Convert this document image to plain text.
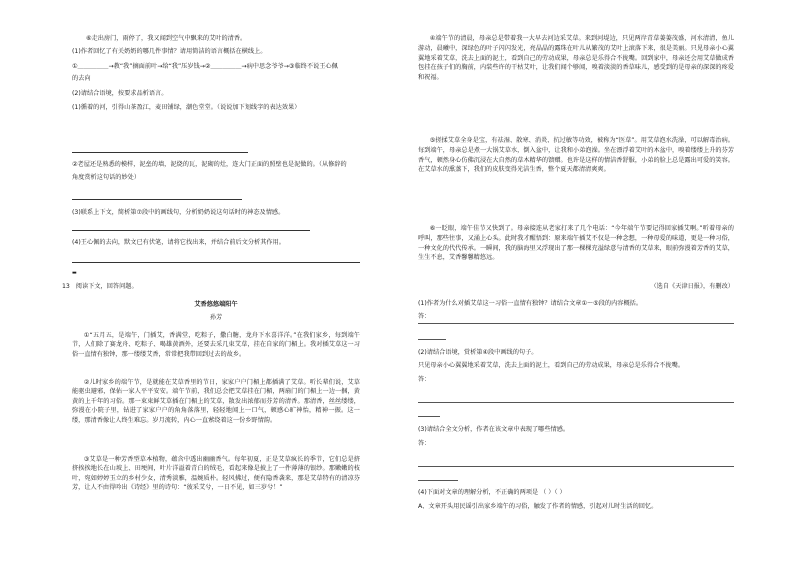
⑥走出房门，雨停了，我又闻到空气中飘来的艾叶的清香。
(1)作者回忆了有关奶奶的哪几件事情？请用简洁的语言概括在横线上。
①＿＿＿＿＿→教“我”摘面前叶→给“我”压岁钱→②＿＿＿＿＿→病中思念爷爷→③临终不说王心佩
的去向
(2)请结合语境，按要求品析语言。
(1)循着的河，引得山茶盈江，麦田铺绿，潮色堂堂。（说说加下划线字的表达效果）
②老屋还是熟悉的模样，泥垒的墙，泥烧的瓦，泥砌的灶，连大门正面的照壁也是泥做的。（从修辞的
角度赏析这句话的妙处）
(3)联系上下文，简析第⑦段中的画线句，分析奶奶说这句话时的神态及情感。
(4)王心佩的去向，默文已有伏笔，请将它找出来，并结合前后文分析其作用。
▬
13 阅读下文，回答问题。
艾香悠悠端阳午
孙芳
①“五月五，是端午，门插艾，香满堂，吃粽子，撒白糖，龙舟下水喜洋洋。”在我们家乡，每到端午节，人们除了赛龙舟、吃粽子、喝雄黄酒外，还要去采几束艾草，挂在自家的门楣上。我对插艾草这一习俗一直情有独钟，那一缕缕艾香，常常把我带回到过去的故乡。
②儿时家乡的端午节，是就能在艾草香里的节日，家家户户门楣上都插满了艾草。听长辈们说，艾草能驱虫避邪，保佑一家人平平安安。端午节前，我们总会把艾草挂在门楣，两扇门的门楣上一边一捆，黄黄的上千年的习俗。那一束束鲜艾草插在门楣上的艾草，散发出浓郁而芬芳的清香。那清香，丝丝缕缕，弥漫在小院子里，钻进了家家户户的角角落落里，轻轻地闻上一口气，顿感心旷神怡，精神一振。这一缕，那清香像让人终生难忘。岁月流转，内心一直萦绕着这一份乡野情韵。
③艾草是一种芳香型草本植物，蕴含中透出幽幽香气。每年初夏，正是艾草疯长的季节，它们总是挤挤挨挨地长在山坡上、田埂间，叶片洋溢着青白的绒毛，看起来像是披上了一件薄薄的银纱。那嫩嫩的枝叶，宛如婷婷玉立的乡村少女，清秀淡雅，温婉质朴。轻风拂过，便有隐香袭来，那是艾草特有的清凉芬芳，让人不由得吟出《诗经》里的诗句：“彼采艾兮，一日不见，如三岁兮！”
④端午节的清晨，母亲总是带着我一大早去河边采艾草。来到河堤边，只见两岸青草萋萋茂盛，河水清清，鱼儿游动，晨曦中，深绿色的叶子闪闪发光，亮晶晶的露珠在叶儿从繁茂的艾叶上滚落下来，很是美丽。只见母亲小心翼翼地采着艾草，洗去上面的泥土，看到自己的劳动成果，母亲总是乐得合不拢嘴。回到家中，母亲还会用艾草做成香包挂在孩子们的胸前，内装些许的干枯艾叶，让我们闻个够闻，嗅着淡淡的香草味儿，感受到的是母亲的深深的疼爱和祝福。
⑤搓揉艾草全身是宝，有祛湿、散寒、消炎、抗过敏等功效，被称为“医草”。用艾草泡水洗澡，可以解毒治病。每到端午，母亲总是煮一大锅艾草水，倒入盆中，让我和小弟泡澡。坐在漂浮着艾叶的木盆中，嗅着缕缕上升的芬芳香气，顿然身心仿佛沉浸在大自然的草木精华的馈赠。也许是这样的情洁香舒服，小弟的脸上总是露出可爱的笑容。在艾草水的熏蒸下，我们的皮肤变得光洁生香，整个夏天都清清爽爽。
⑥一眨眼，端午佳节又快到了。母亲接连从老家打来了几个电话：“今年端午节要记得回家插艾啊。”听着母亲的呼叫，那些往事，又涌上心头。此时我才醒悟到：原来端午插艾不仅是一种念想，一种母爱的味道，更是一种习俗，一种文化的代代传承。一瞬间，我的脑海里又浮现出了那一棵棵充溢绿意与清香的艾草来，眼前弥漫着芳香的艾草，生生不息，艾香馨馨精悠远。
（选自《天津日报》，有删改）
(1)作者为什么对插艾草这一习俗一直情有独钟？请结合文章①～⑤段的内容概括。
答：
(2)请结合语境，赏析第④段中画线的句子。
只见母亲小心翼翼地采着艾草，洗去上面的泥土，看到自己的劳动成果，母亲总是乐得合不拢嘴。
答：
(3)请结合全文分析，作者在该文章中表现了哪些情感。
答：
(4)下面对文章的理解分析，不正确的两项是 （ ）（ ）
A、文章开头用民谣引出家乡端午的习俗，触发了作者的情感，引起对儿时生活的回忆。
